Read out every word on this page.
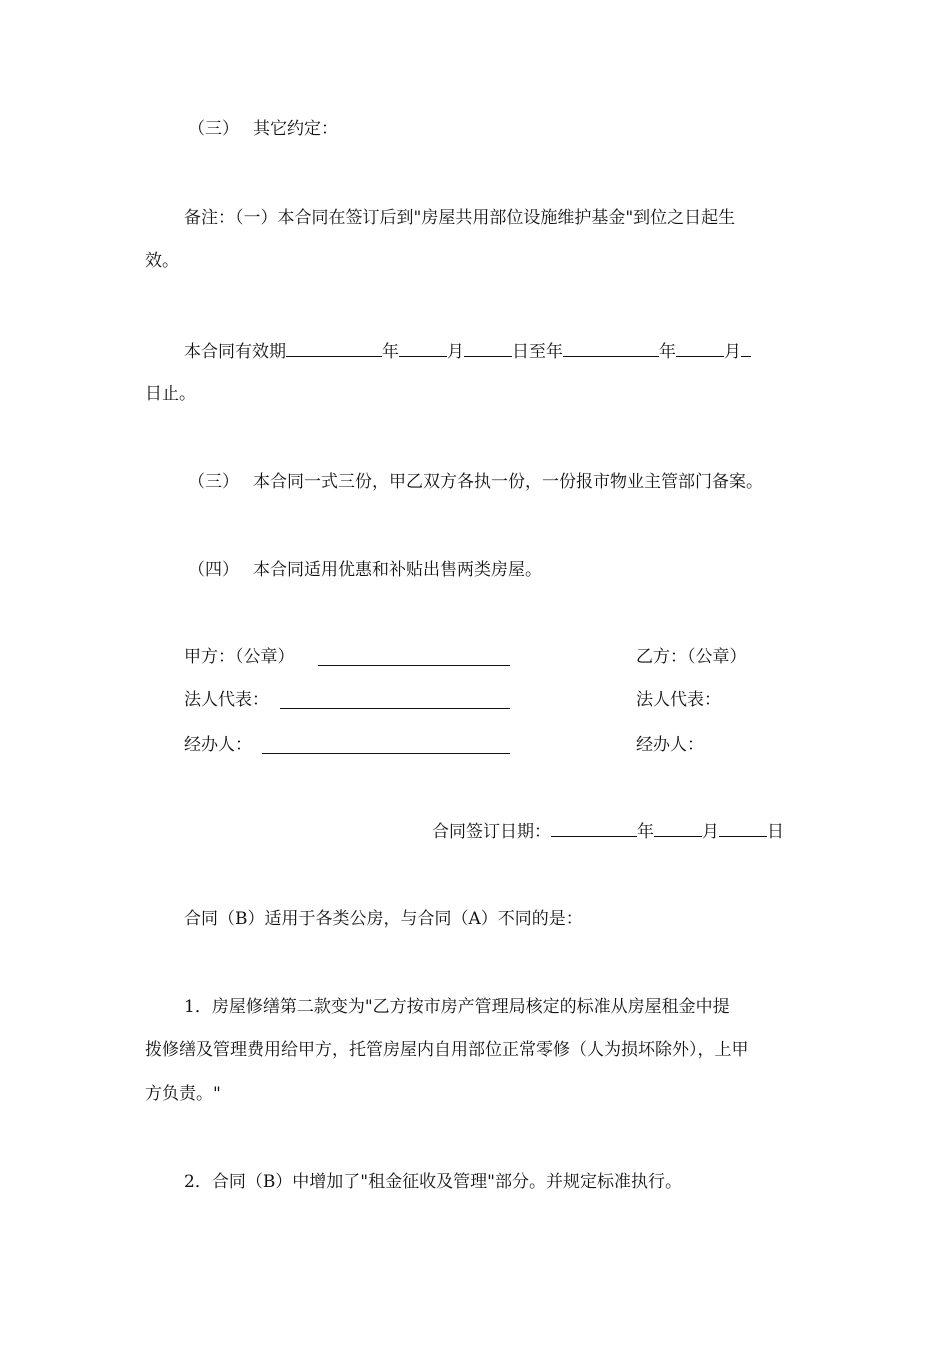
（三） 其它约定：
备注：（一）本合同在签订后到"房屋共用部位设施维护基金"到位之日起生
效。
本合同有效期	年	月	日至年	年	月
日止。
（三） 本合同一式三份，甲乙双方各执一份，一份报市物业主管部门备案。
（四） 本合同适用优惠和补贴出售两类房屋。
甲方：（公章）
法人代表：
经办人：
乙方：（公章）
法人代表：
经办人：
合同签订日期：	年	月	日
合同（B）适用于各类公房，与合同（A）不同的是：
1．房屋修缮第二款变为"乙方按市房产管理局核定的标准从房屋租金中提
拨修缮及管理费用给甲方，托管房屋内自用部位正常零修（人为损坏除外），上甲
方负责。"
2．合同（B）中增加了"租金征收及管理"部分。并规定标准执行。
